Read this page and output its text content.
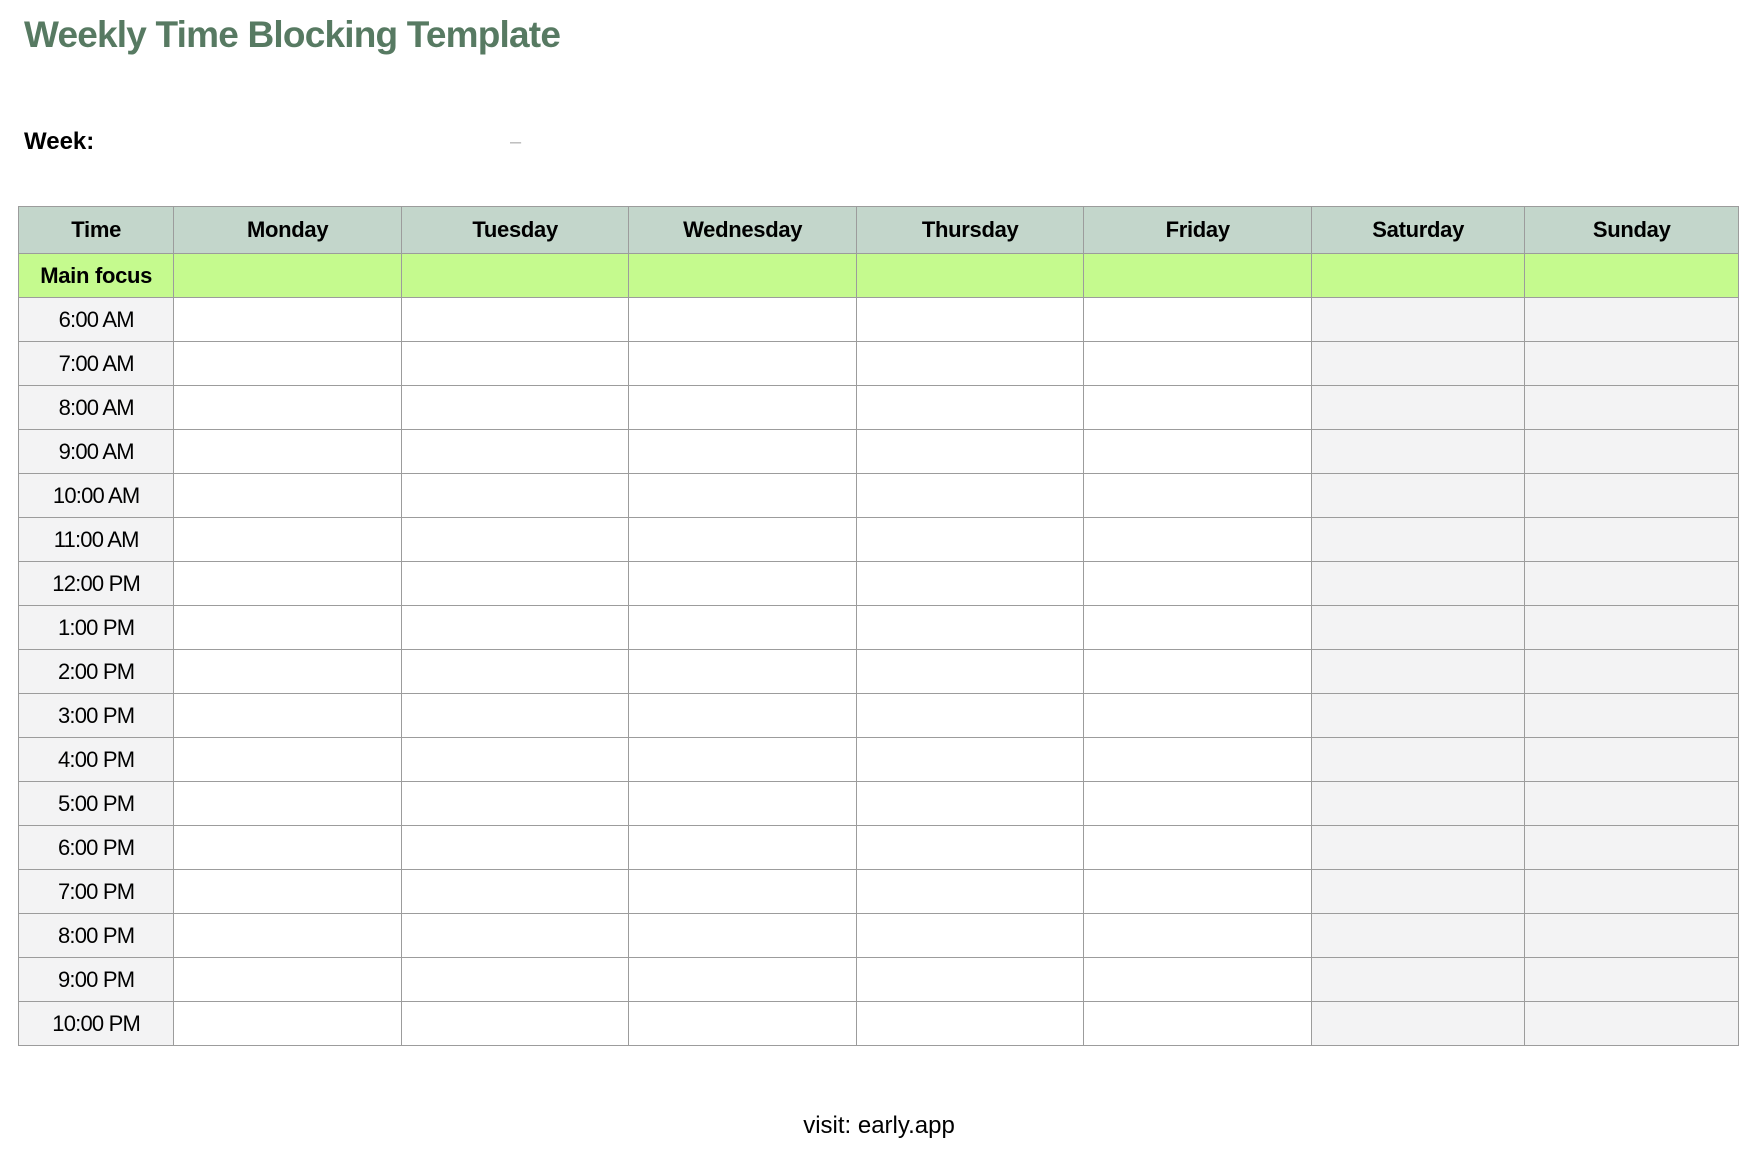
Weekly Time Blocking Template
Week:	–
Time	Monday	Tuesday	Wednesday	Thursday	Friday	Saturday	Sunday
Main focus							
6:00 AM							
7:00 AM							
8:00 AM							
9:00 AM							
10:00 AM							
11:00 AM							
12:00 PM							
1:00 PM							
2:00 PM							
3:00 PM							
4:00 PM							
5:00 PM							
6:00 PM							
7:00 PM							
8:00 PM							
9:00 PM							
10:00 PM							
visit: early.app
